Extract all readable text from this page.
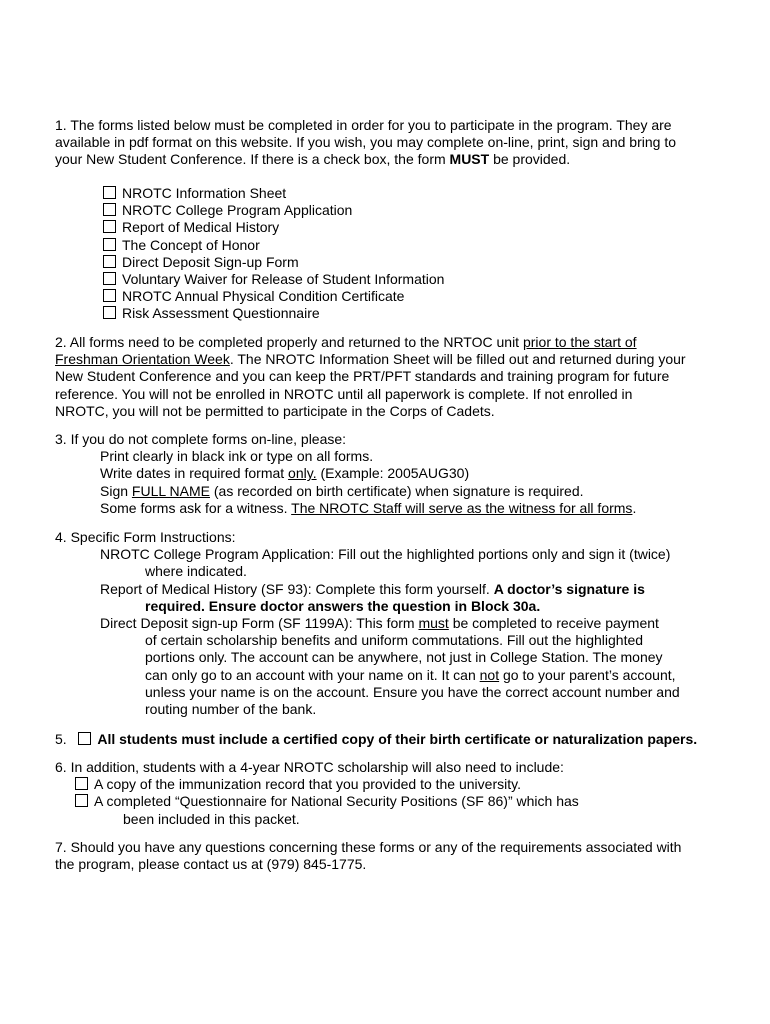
1. The forms listed below must be completed in order for you to participate in the program. They are
available in pdf format on this website. If you wish, you may complete on-line, print, sign and bring to
your New Student Conference. If there is a check box, the form MUST be provided.
NROTC Information Sheet
NROTC College Program Application
Report of Medical History
The Concept of Honor
Direct Deposit Sign-up Form
Voluntary Waiver for Release of Student Information
NROTC Annual Physical Condition Certificate
Risk Assessment Questionnaire
2. All forms need to be completed properly and returned to the NRTOC unit prior to the start of
Freshman Orientation Week. The NROTC Information Sheet will be filled out and returned during your
New Student Conference and you can keep the PRT/PFT standards and training program for future
reference. You will not be enrolled in NROTC until all paperwork is complete. If not enrolled in
NROTC, you will not be permitted to participate in the Corps of Cadets.
3. If you do not complete forms on-line, please:
Print clearly in black ink or type on all forms.
Write dates in required format only. (Example: 2005AUG30)
Sign FULL NAME (as recorded on birth certificate) when signature is required.
Some forms ask for a witness. The NROTC Staff will serve as the witness for all forms.
4. Specific Form Instructions:
NROTC College Program Application: Fill out the highlighted portions only and sign it (twice)
where indicated.
Report of Medical History (SF 93): Complete this form yourself. A doctor’s signature is
required. Ensure doctor answers the question in Block 30a.
Direct Deposit sign-up Form (SF 1199A): This form must be completed to receive payment
of certain scholarship benefits and uniform commutations. Fill out the highlighted
portions only. The account can be anywhere, not just in College Station. The money
can only go to an account with your name on it. It can not go to your parent’s account,
unless your name is on the account. Ensure you have the correct account number and
routing number of the bank.
5. All students must include a certified copy of their birth certificate or naturalization papers.
6. In addition, students with a 4-year NROTC scholarship will also need to include:
A copy of the immunization record that you provided to the university.
A completed “Questionnaire for National Security Positions (SF 86)” which has
been included in this packet.
7. Should you have any questions concerning these forms or any of the requirements associated with
the program, please contact us at (979) 845-1775.
